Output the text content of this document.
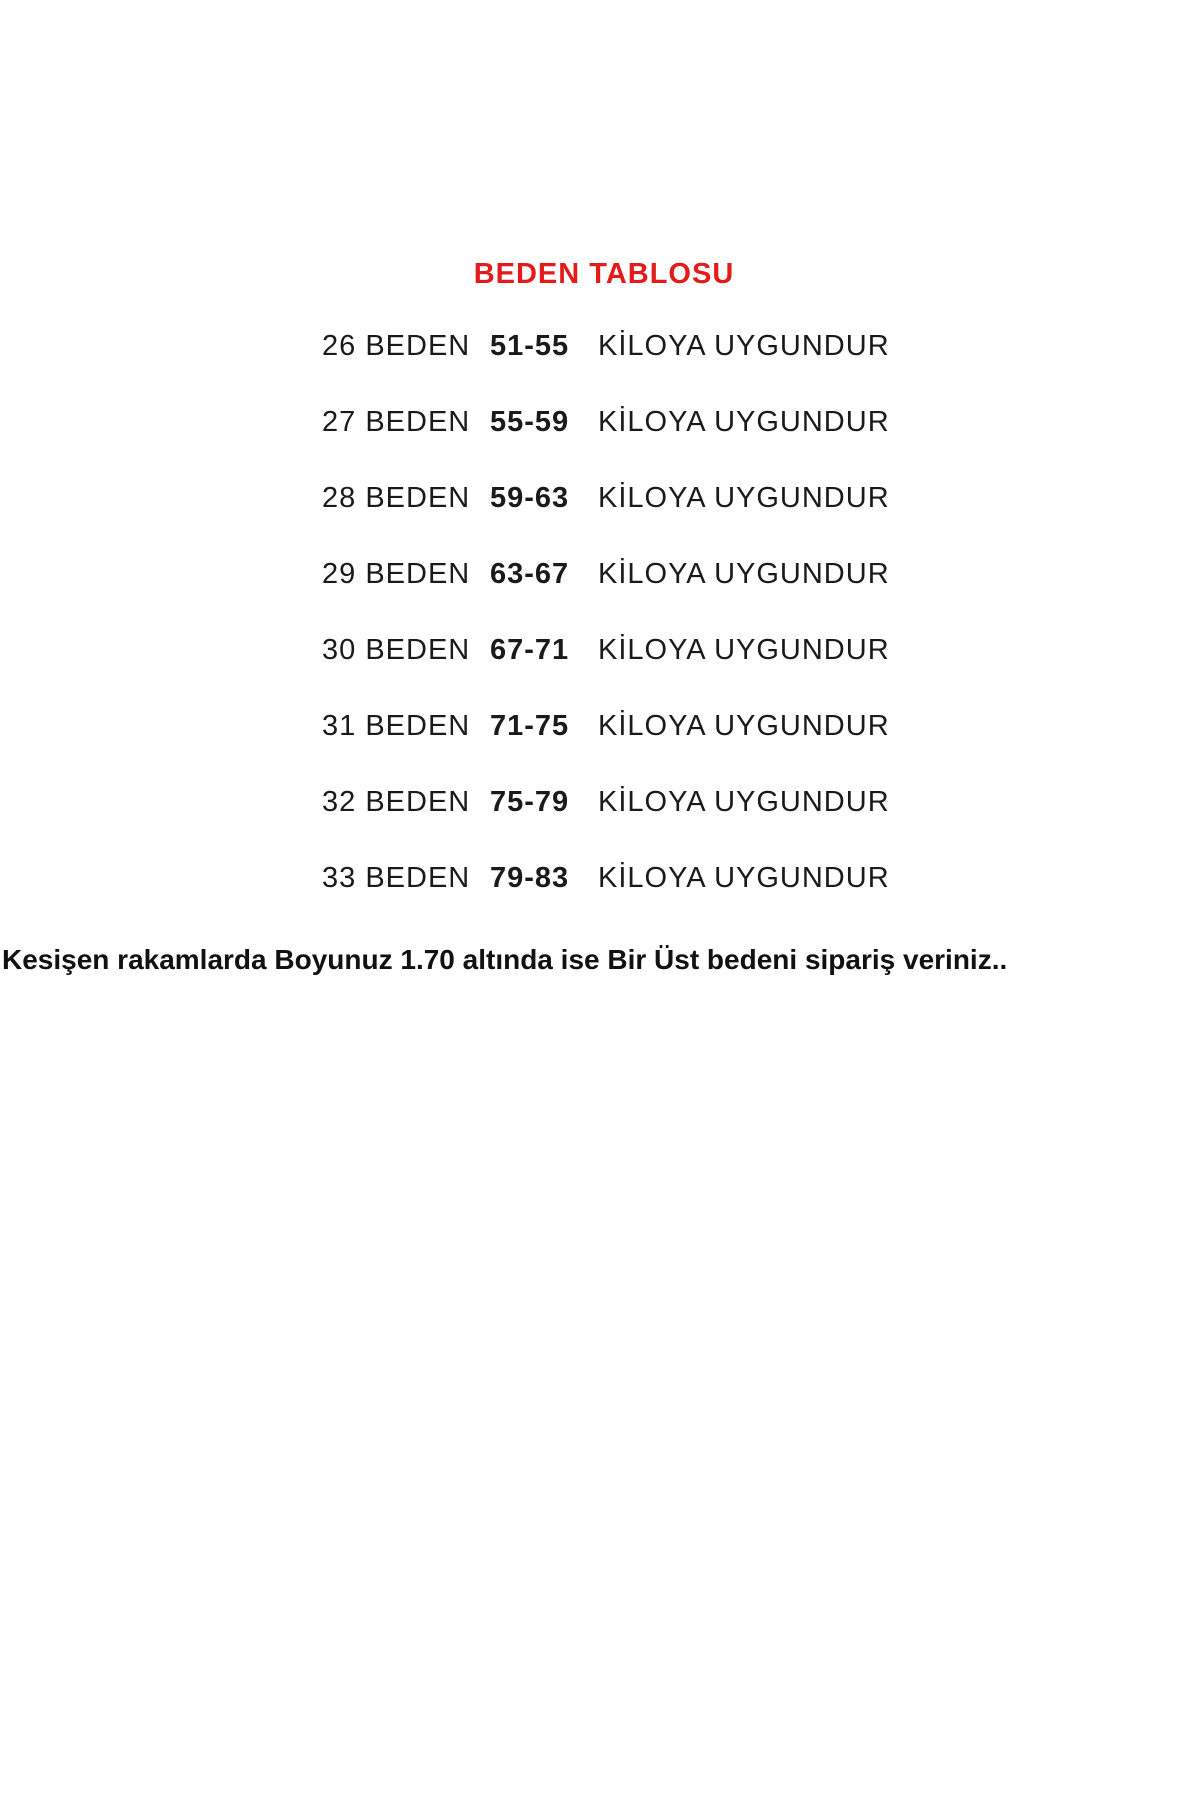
BEDEN TABLOSU
26 BEDEN 51-55 KİLOYA UYGUNDUR
27 BEDEN 55-59 KİLOYA UYGUNDUR
28 BEDEN 59-63 KİLOYA UYGUNDUR
29 BEDEN 63-67 KİLOYA UYGUNDUR
30 BEDEN 67-71 KİLOYA UYGUNDUR
31 BEDEN 71-75 KİLOYA UYGUNDUR
32 BEDEN 75-79 KİLOYA UYGUNDUR
33 BEDEN 79-83 KİLOYA UYGUNDUR
Kesişen rakamlarda Boyunuz 1.70 altında ise Bir Üst bedeni sipariş veriniz..
